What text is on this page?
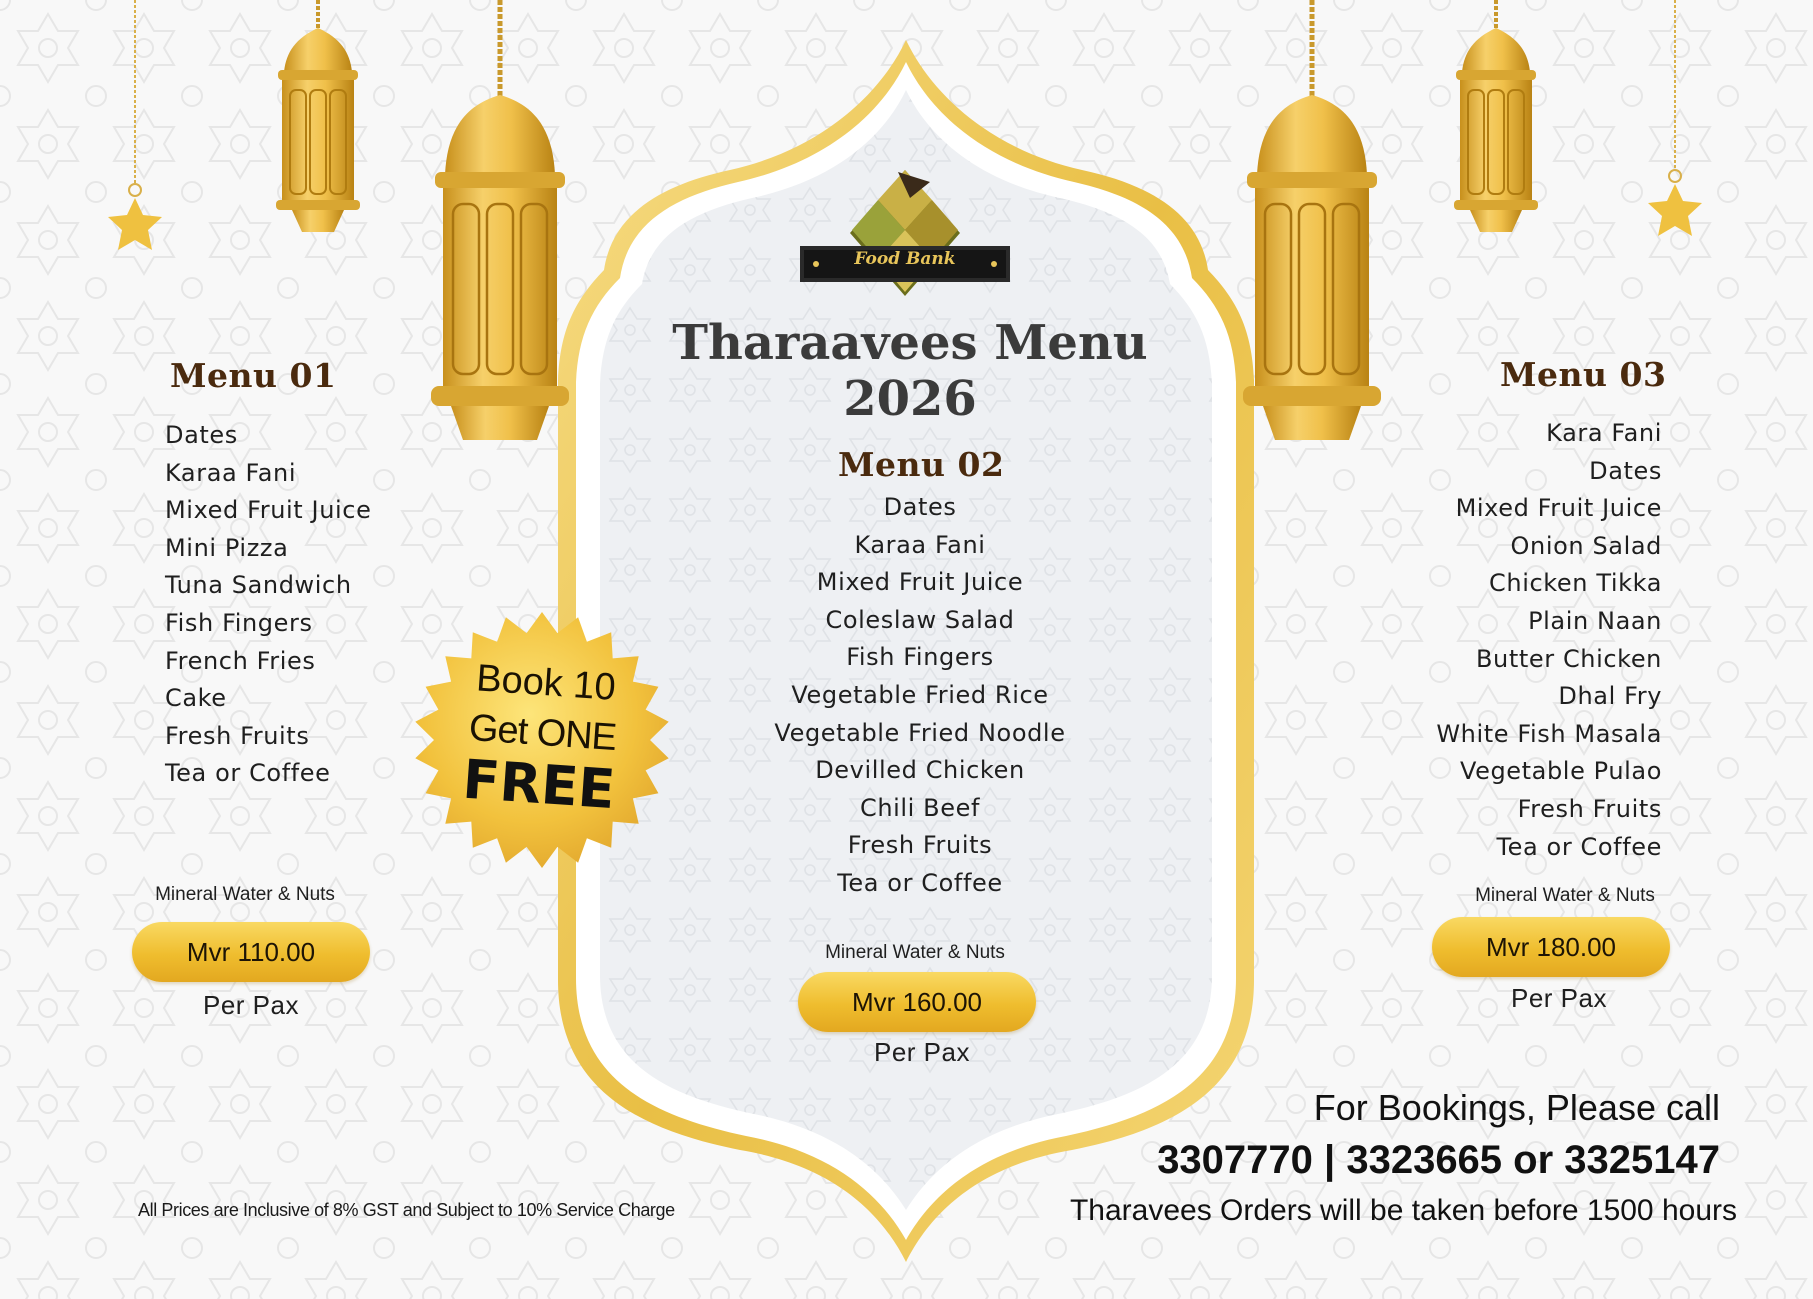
Food Bank
Tharaavees Menu
2026
Menu 01
Dates
Karaa Fani
Mixed Fruit Juice
Mini Pizza
Tuna Sandwich
Fish Fingers
French Fries
Cake
Fresh Fruits
Tea or Coffee
Mineral Water & Nuts
Mvr 110.00
Per Pax
Menu 02
Dates
Karaa Fani
Mixed Fruit Juice
Coleslaw Salad
Fish Fingers
Vegetable Fried Rice
Vegetable Fried Noodle
Devilled Chicken
Chili Beef
Fresh Fruits
Tea or Coffee
Mineral Water & Nuts
Mvr 160.00
Per Pax
Menu 03
Kara Fani
Dates
Mixed Fruit Juice
Onion Salad
Chicken Tikka
Plain Naan
Butter Chicken
Dhal Fry
White Fish Masala
Vegetable Pulao
Fresh Fruits
Tea or Coffee
Mineral Water & Nuts
Mvr 180.00
Per Pax
Book 10
Get ONE
FREE
For Bookings, Please call
3307770 | 3323665 or 3325147
Tharavees Orders will be taken before 1500 hours
All Prices are Inclusive of 8% GST and Subject to 10% Service Charge
